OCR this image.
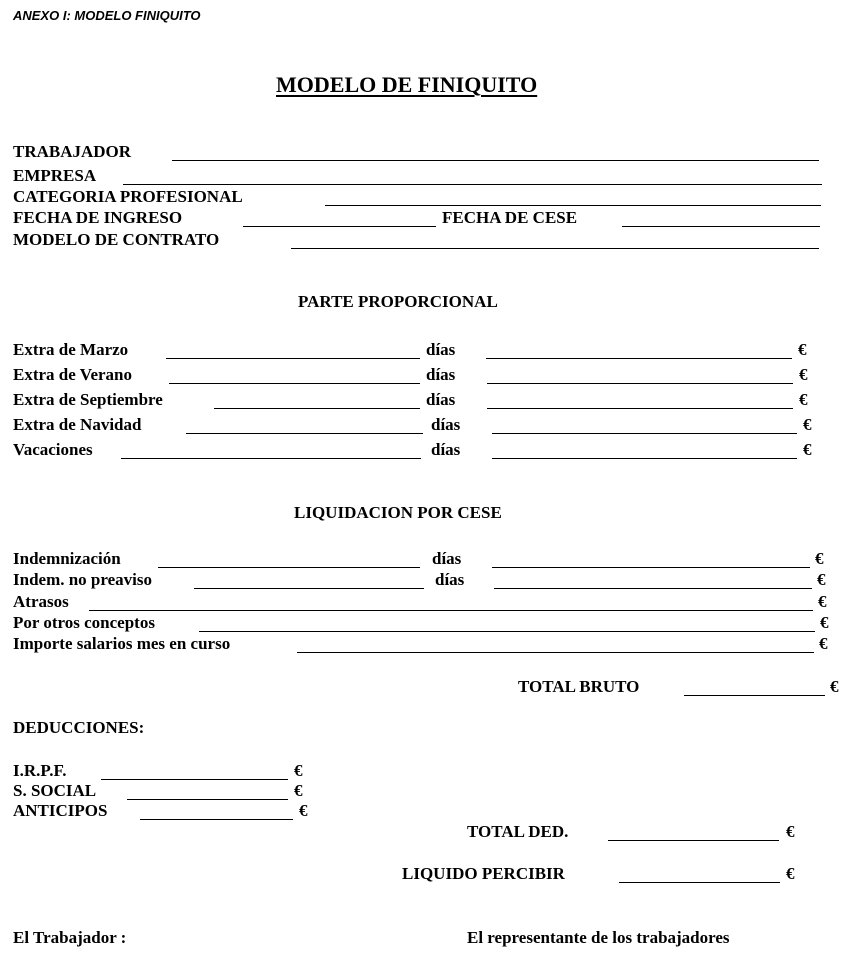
ANEXO I: MODELO FINIQUITO
MODELO DE FINIQUITO
TRABAJADOR
EMPRESA
CATEGORIA PROFESIONAL
FECHA DE INGRESO	FECHA DE CESE
MODELO DE CONTRATO
PARTE PROPORCIONAL
Extra de Marzo	días	€
Extra de Verano	días	€
Extra de Septiembre	días	€
Extra de Navidad	días	€
Vacaciones	días	€
LIQUIDACION POR CESE
Indemnización	días	€
Indem. no preaviso	días	€
Atrasos	€
Por otros conceptos	€
Importe salarios mes en curso	€
TOTAL BRUTO	€
DEDUCCIONES:
I.R.P.F.	€
S. SOCIAL	€
ANTICIPOS	€
TOTAL DED.	€
LIQUIDO PERCIBIR	€
El Trabajador :	El representante de los trabajadores
